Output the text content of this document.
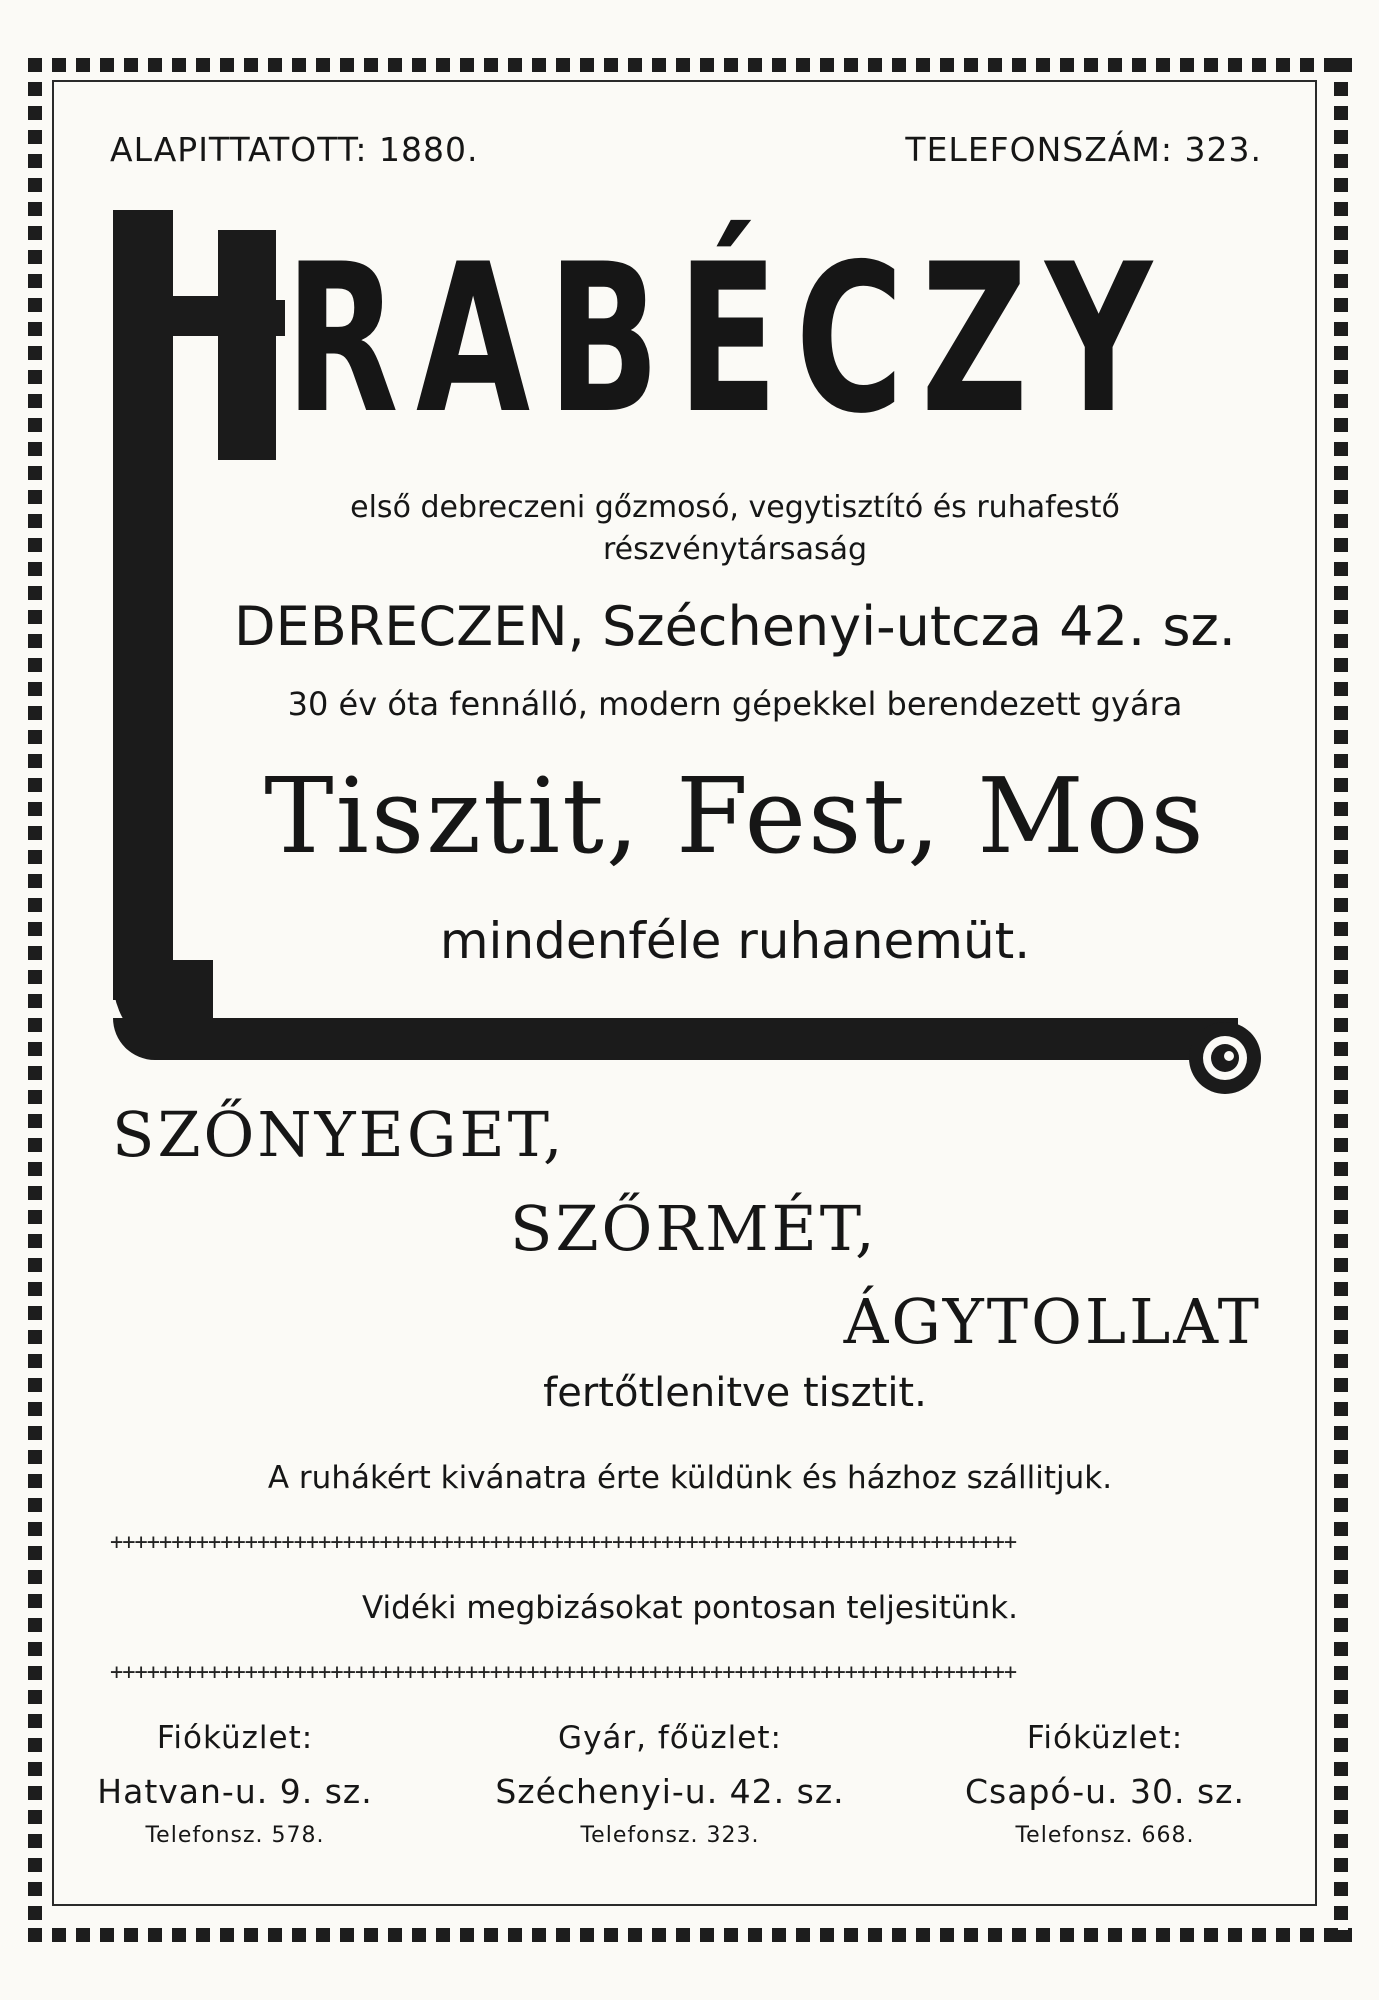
ALAPITTATOTT: 1880.	TELEFONSZÁM: 323.
RABÉCZY
első debreczeni gőzmosó, vegytisztító és ruhafestő
részvénytársaság
DEBRECZEN, Széchenyi-utcza 42. sz.
30 év óta fennálló, modern gépekkel berendezett gyára
Tisztit, Fest, Mos
mindenféle ruhanemüt.
SZŐNYEGET,
SZŐRMÉT,
ÁGYTOLLAT
fertőtlenitve tisztit.
A ruhákért kivánatra érte küldünk és házhoz szállitjuk.
++++++++++++++++++++++++++++++++++++++++++++++++++++++++++++++++++++++++++
Vidéki megbizásokat pontosan teljesitünk.
++++++++++++++++++++++++++++++++++++++++++++++++++++++++++++++++++++++++++
Fióküzlet:
Hatvan-u. 9. sz.
Telefonsz. 578.
Gyár, főüzlet:
Széchenyi-u. 42. sz.
Telefonsz. 323.
Fióküzlet:
Csapó-u. 30. sz.
Telefonsz. 668.
